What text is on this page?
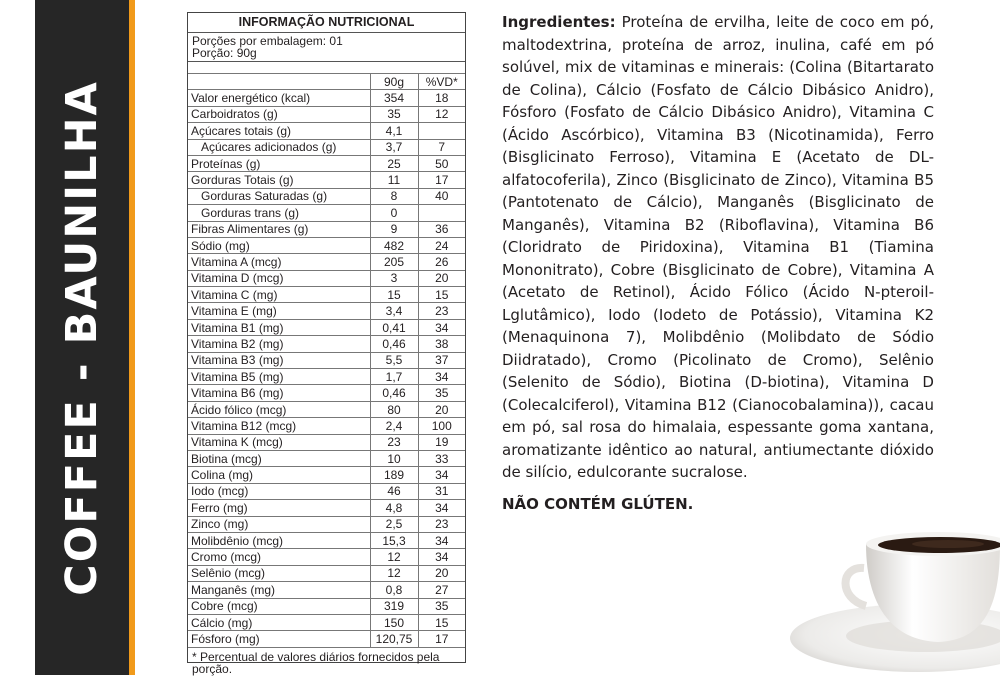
COFFEE - BAUNILHA
INFORMAÇÃO NUTRICIONAL
Porções por embalagem: 01
Porção: 90g
	90g	%VD*
Valor energético (kcal)	354	18
Carboidratos (g)	35	12
Açúcares totais (g)	4,1	
Açúcares adicionados (g)	3,7	7
Proteínas (g)	25	50
Gorduras Totais (g)	11	17
Gorduras Saturadas (g)	8	40
Gorduras trans (g)	0	
Fibras Alimentares (g)	9	36
Sódio (mg)	482	24
Vitamina A (mcg)	205	26
Vitamina D (mcg)	3	20
Vitamina C (mg)	15	15
Vitamina E (mg)	3,4	23
Vitamina B1 (mg)	0,41	34
Vitamina B2 (mg)	0,46	38
Vitamina B3 (mg)	5,5	37
Vitamina B5 (mg)	1,7	34
Vitamina B6 (mg)	0,46	35
Ácido fólico (mcg)	80	20
Vitamina B12 (mcg)	2,4	100
Vitamina K (mcg)	23	19
Biotina (mcg)	10	33
Colina (mg)	189	34
Iodo (mcg)	46	31
Ferro (mg)	4,8	34
Zinco (mg)	2,5	23
Molibdênio (mcg)	15,3	34
Cromo (mcg)	12	34
Selênio (mcg)	12	20
Manganês (mg)	0,8	27
Cobre (mcg)	319	35
Cálcio (mg)	150	15
Fósforo (mg)	120,75	17
* Percentual de valores diários fornecidos pela porção.
Ingredientes: Proteína de ervilha, leite de coco em pó, maltodextrina, proteína de arroz, inulina, café em pó solúvel, mix de vitaminas e minerais: (Colina (Bitartarato de Colina), Cálcio (Fosfato de Cálcio Dibásico Anidro), Fósforo (Fosfato de Cálcio Dibásico Anidro), Vitamina C (Ácido Ascórbico), Vitamina B3 (Nicotinamida), Ferro (Bisglicinato Ferroso), Vitamina E (Acetato de DL-alfatocoferila), Zinco (Bisglicinato de Zinco), Vitamina B5 (Pantotenato de Cálcio), Manganês (Bisglicinato de Manganês), Vitamina B2 (Riboflavina), Vitamina B6 (Cloridrato de Piridoxina), Vitamina B1 (Tiamina Mononitrato), Cobre (Bisglicinato de Cobre), Vitamina A (Acetato de Retinol), Ácido Fólico (Ácido N-pteroil-Lglutâmico), Iodo (Iodeto de Potássio), Vitamina K2 (Menaquinona 7), Molibdênio (Molibdato de Sódio Diidratado), Cromo (Picolinato de Cromo), Selênio (Selenito de Sódio), Biotina (D-biotina), Vitamina D (Colecalciferol), Vitamina B12 (Cianocobalamina)), cacau em pó, sal rosa do himalaia, espessante goma xantana, aromatizante idêntico ao natural, antiumectante dióxido de silício, edulcorante sucralose.
NÃO CONTÉM GLÚTEN.
